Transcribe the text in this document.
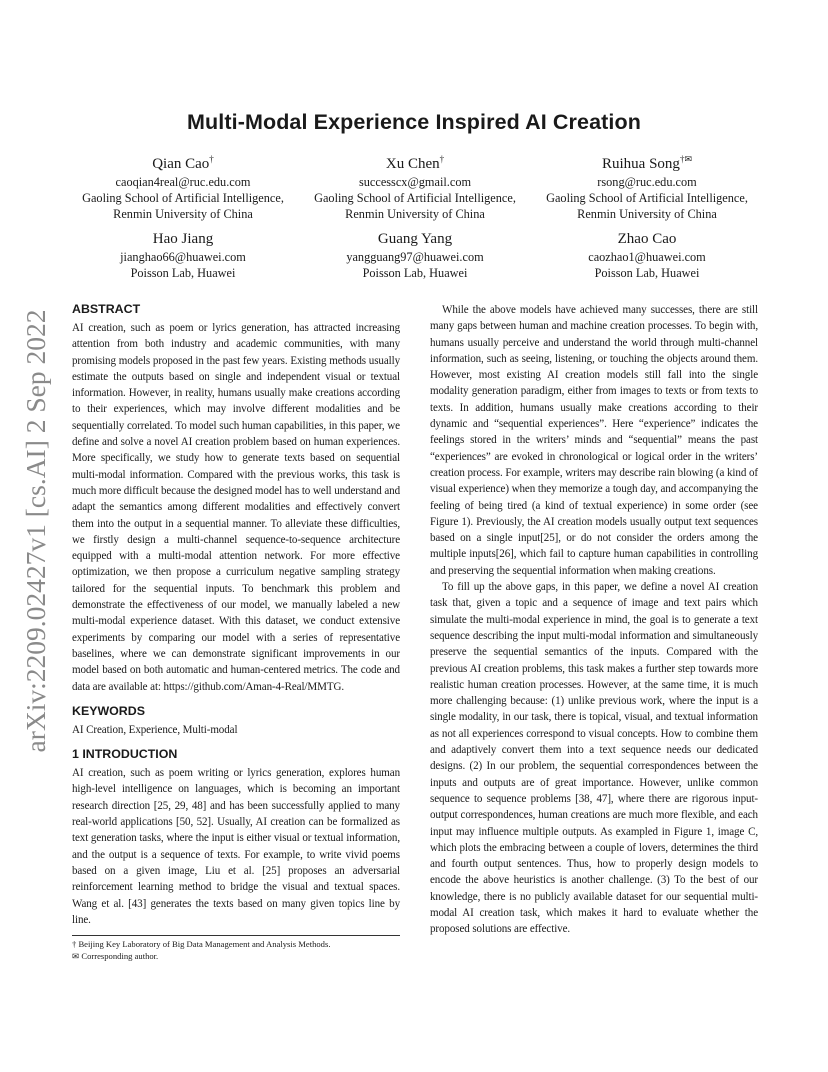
arXiv:2209.02427v1 [cs.AI] 2 Sep 2022
Multi-Modal Experience Inspired AI Creation
Qian Cao†
caoqian4real@ruc.edu.com
Gaoling School of Artificial Intelligence, Renmin University of China
Xu Chen†
successcx@gmail.com
Gaoling School of Artificial Intelligence, Renmin University of China
Ruihua Song†✉
rsong@ruc.edu.com
Gaoling School of Artificial Intelligence, Renmin University of China
Hao Jiang
jianghao66@huawei.com
Poisson Lab, Huawei
Guang Yang
yangguang97@huawei.com
Poisson Lab, Huawei
Zhao Cao
caozhao1@huawei.com
Poisson Lab, Huawei
ABSTRACT

AI creation, such as poem or lyrics generation, has attracted increasing attention from both industry and academic communities, with many promising models proposed in the past few years. Existing methods usually estimate the outputs based on single and independent visual or textual information. However, in reality, humans usually make creations according to their experiences, which may involve different modalities and be sequentially correlated. To model such human capabilities, in this paper, we define and solve a novel AI creation problem based on human experiences. More specifically, we study how to generate texts based on sequential multi-modal information. Compared with the previous works, this task is much more difficult because the designed model has to well understand and adapt the semantics among different modalities and effectively convert them into the output in a sequential manner. To alleviate these difficulties, we firstly design a multi-channel sequence-to-sequence architecture equipped with a multi-modal attention network. For more effective optimization, we then propose a curriculum negative sampling strategy tailored for the sequential inputs. To benchmark this problem and demonstrate the effectiveness of our model, we manually labeled a new multi-modal experience dataset. With this dataset, we conduct extensive experiments by comparing our model with a series of representative baselines, where we can demonstrate significant improvements in our model based on both automatic and human-centered metrics. The code and data are available at: https://github.com/Aman-4-Real/MMTG.

KEYWORDS

AI Creation, Experience, Multi-modal

1 INTRODUCTION

AI creation, such as poem writing or lyrics generation, explores human high-level intelligence on languages, which is becoming an important research direction [25, 29, 48] and has been successfully applied to many real-world applications [50, 52]. Usually, AI creation can be formalized as text generation tasks, where the input is either visual or textual information, and the output is a sequence of texts. For example, to write vivid poems based on a given image, Liu et al. [25] proposes an adversarial reinforcement learning method to bridge the visual and textual spaces. Wang et al. [43] generates the texts based on many given topics line by line.

† Beijing Key Laboratory of Big Data Management and Analysis Methods.
✉ Corresponding author.

While the above models have achieved many successes, there are still many gaps between human and machine creation processes. To begin with, humans usually perceive and understand the world through multi-channel information, such as seeing, listening, or touching the objects around them. However, most existing AI creation models still fall into the single modality generation paradigm, either from images to texts or from texts to texts. In addition, humans usually make creations according to their dynamic and “sequential experiences”. Here “experience” indicates the feelings stored in the writers’ minds and “sequential” means the past “experiences” are evoked in chronological or logical order in the writers’ creation process. For example, writers may describe rain blowing (a kind of visual experience) when they memorize a tough day, and accompanying the feeling of being tired (a kind of textual experience) in some order (see Figure 1). Previously, the AI creation models usually output text sequences based on a single input[25], or do not consider the orders among the multiple inputs[26], which fail to capture human capabilities in controlling and preserving the sequential information when making creations.

To fill up the above gaps, in this paper, we define a novel AI creation task that, given a topic and a sequence of image and text pairs which simulate the multi-modal experience in mind, the goal is to generate a text sequence describing the input multi-modal information and simultaneously preserve the sequential semantics of the inputs. Compared with the previous AI creation problems, this task makes a further step towards more realistic human creation processes. However, at the same time, it is much more challenging because: (1) unlike previous work, where the input is a single modality, in our task, there is topical, visual, and textual information as not all experiences correspond to visual concepts. How to combine them and adaptively convert them into a text sequence needs our dedicated designs. (2) In our problem, the sequential correspondences between the inputs and outputs are of great importance. However, unlike common sequence to sequence problems [38, 47], where there are rigorous input-output correspondences, human creations are much more flexible, and each input may influence multiple outputs. As exampled in Figure 1, image C, which plots the embracing between a couple of lovers, determines the third and fourth output sentences. Thus, how to properly design models to encode the above heuristics is another challenge. (3) To the best of our knowledge, there is no publicly available dataset for our sequential multi-modal AI creation task, which makes it hard to evaluate whether the proposed solutions are effective.
